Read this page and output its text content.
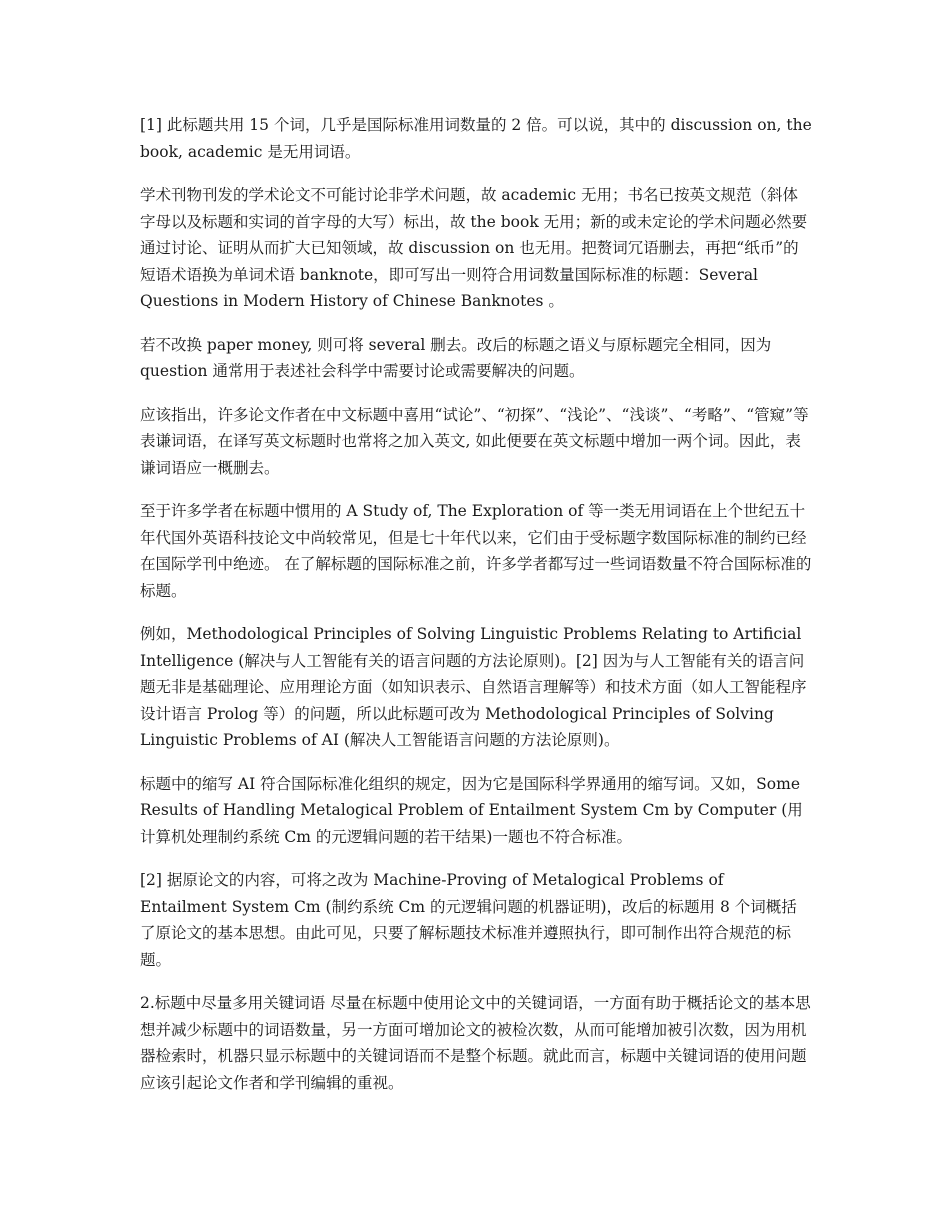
[1] 此标题共用 15 个词，几乎是国际标准用词数量的 2 倍。可以说，其中的 discussion on, the book, academic 是无用词语。

学术刊物刊发的学术论文不可能讨论非学术问题，故 academic 无用；书名已按英文规范（斜体字母以及标题和实词的首字母的大写）标出，故 the book 无用；新的或未定论的学术问题必然要通过讨论、证明从而扩大已知领域，故 discussion on 也无用。把赘词冗语删去，再把“纸币”的短语术语换为单词术语 banknote，即可写出一则符合用词数量国际标准的标题：Several Questions in Modern History of Chinese Banknotes 。

若不改换 paper money, 则可将 several 删去。改后的标题之语义与原标题完全相同，因为 question 通常用于表述社会科学中需要讨论或需要解决的问题。

应该指出，许多论文作者在中文标题中喜用“试论”、“初探”、“浅论”、“浅谈”、“考略”、“管窥”等表谦词语，在译写英文标题时也常将之加入英文, 如此便要在英文标题中增加一两个词。因此，表谦词语应一概删去。

至于许多学者在标题中惯用的 A Study of, The Exploration of 等一类无用词语在上个世纪五十年代国外英语科技论文中尚较常见，但是七十年代以来，它们由于受标题字数国际标准的制约已经在国际学刊中绝迹。 在了解标题的国际标准之前，许多学者都写过一些词语数量不符合国际标准的标题。

例如，Methodological Principles of Solving Linguistic Problems Relating to Artificial Intelligence (解决与人工智能有关的语言问题的方法论原则)。[2] 因为与人工智能有关的语言问题无非是基础理论、应用理论方面（如知识表示、自然语言理解等）和技术方面（如人工智能程序设计语言 Prolog 等）的问题，所以此标题可改为 Methodological Principles of Solving Linguistic Problems of AI (解决人工智能语言问题的方法论原则)。

标题中的缩写 AI 符合国际标准化组织的规定，因为它是国际科学界通用的缩写词。又如，Some Results of Handling Metalogical Problem of Entailment System Cm by Computer (用计算机处理制约系统 Cm 的元逻辑问题的若干结果)一题也不符合标准。

[2] 据原论文的内容，可将之改为 Machine-Proving of Metalogical Problems of Entailment System Cm (制约系统 Cm 的元逻辑问题的机器证明)，改后的标题用 8 个词概括了原论文的基本思想。由此可见，只要了解标题技术标准并遵照执行，即可制作出符合规范的标题。

2.标题中尽量多用关键词语 尽量在标题中使用论文中的关键词语，一方面有助于概括论文的基本思想并减少标题中的词语数量，另一方面可增加论文的被检次数，从而可能增加被引次数，因为用机器检索时，机器只显示标题中的关键词语而不是整个标题。就此而言，标题中关键词语的使用问题应该引起论文作者和学刊编辑的重视。
